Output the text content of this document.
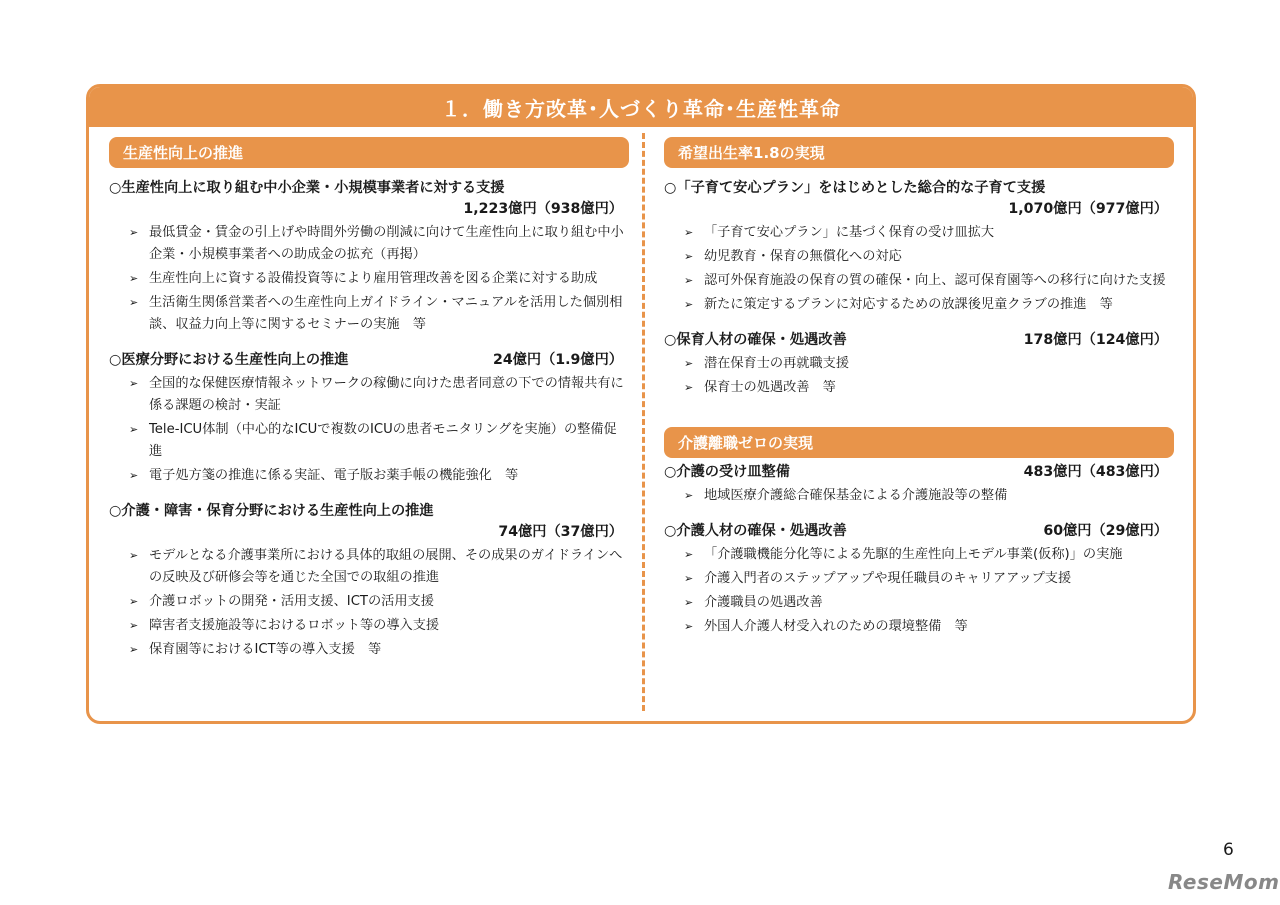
１．働き方改革･人づくり革命･生産性革命
生産性向上の推進
○生産性向上に取り組む中小企業・小規模事業者に対する支援
1,223億円（938億円）
➢ 最低賃金・賃金の引上げや時間外労働の削減に向けて生産性向上に取り組む中小企業・小規模事業者への助成金の拡充（再掲）
➢ 生産性向上に資する設備投資等により雇用管理改善を図る企業に対する助成
➢ 生活衛生関係営業者への生産性向上ガイドライン・マニュアルを活用した個別相談、収益力向上等に関するセミナーの実施　等
○医療分野における生産性向上の推進	24億円（1.9億円）
➢ 全国的な保健医療情報ネットワークの稼働に向けた患者同意の下での情報共有に係る課題の検討・実証
➢ Tele-ICU体制（中心的なICUで複数のICUの患者モニタリングを実施）の整備促進
➢ 電子処方箋の推進に係る実証、電子版お薬手帳の機能強化　等
○介護・障害・保育分野における生産性向上の推進
74億円（37億円）
➢ モデルとなる介護事業所における具体的取組の展開、その成果のガイドラインへの反映及び研修会等を通じた全国での取組の推進
➢ 介護ロボットの開発・活用支援、ICTの活用支援
➢ 障害者支援施設等におけるロボット等の導入支援
➢ 保育園等におけるICT等の導入支援　等
希望出生率1.8の実現
○「子育て安心プラン」をはじめとした総合的な子育て支援
1,070億円（977億円）
➢ 「子育て安心プラン」に基づく保育の受け皿拡大
➢ 幼児教育・保育の無償化への対応
➢ 認可外保育施設の保育の質の確保・向上、認可保育園等への移行に向けた支援
➢ 新たに策定するプランに対応するための放課後児童クラブの推進　等
○保育人材の確保・処遇改善	178億円（124億円）
➢ 潜在保育士の再就職支援
➢ 保育士の処遇改善　等
介護離職ゼロの実現
○介護の受け皿整備	483億円（483億円）
➢ 地域医療介護総合確保基金による介護施設等の整備
○介護人材の確保・処遇改善	60億円（29億円）
➢ 「介護職機能分化等による先駆的生産性向上モデル事業(仮称)」の実施
➢ 介護入門者のステップアップや現任職員のキャリアアップ支援
➢ 介護職員の処遇改善
➢ 外国人介護人材受入れのための環境整備　等
6
ReseMom
